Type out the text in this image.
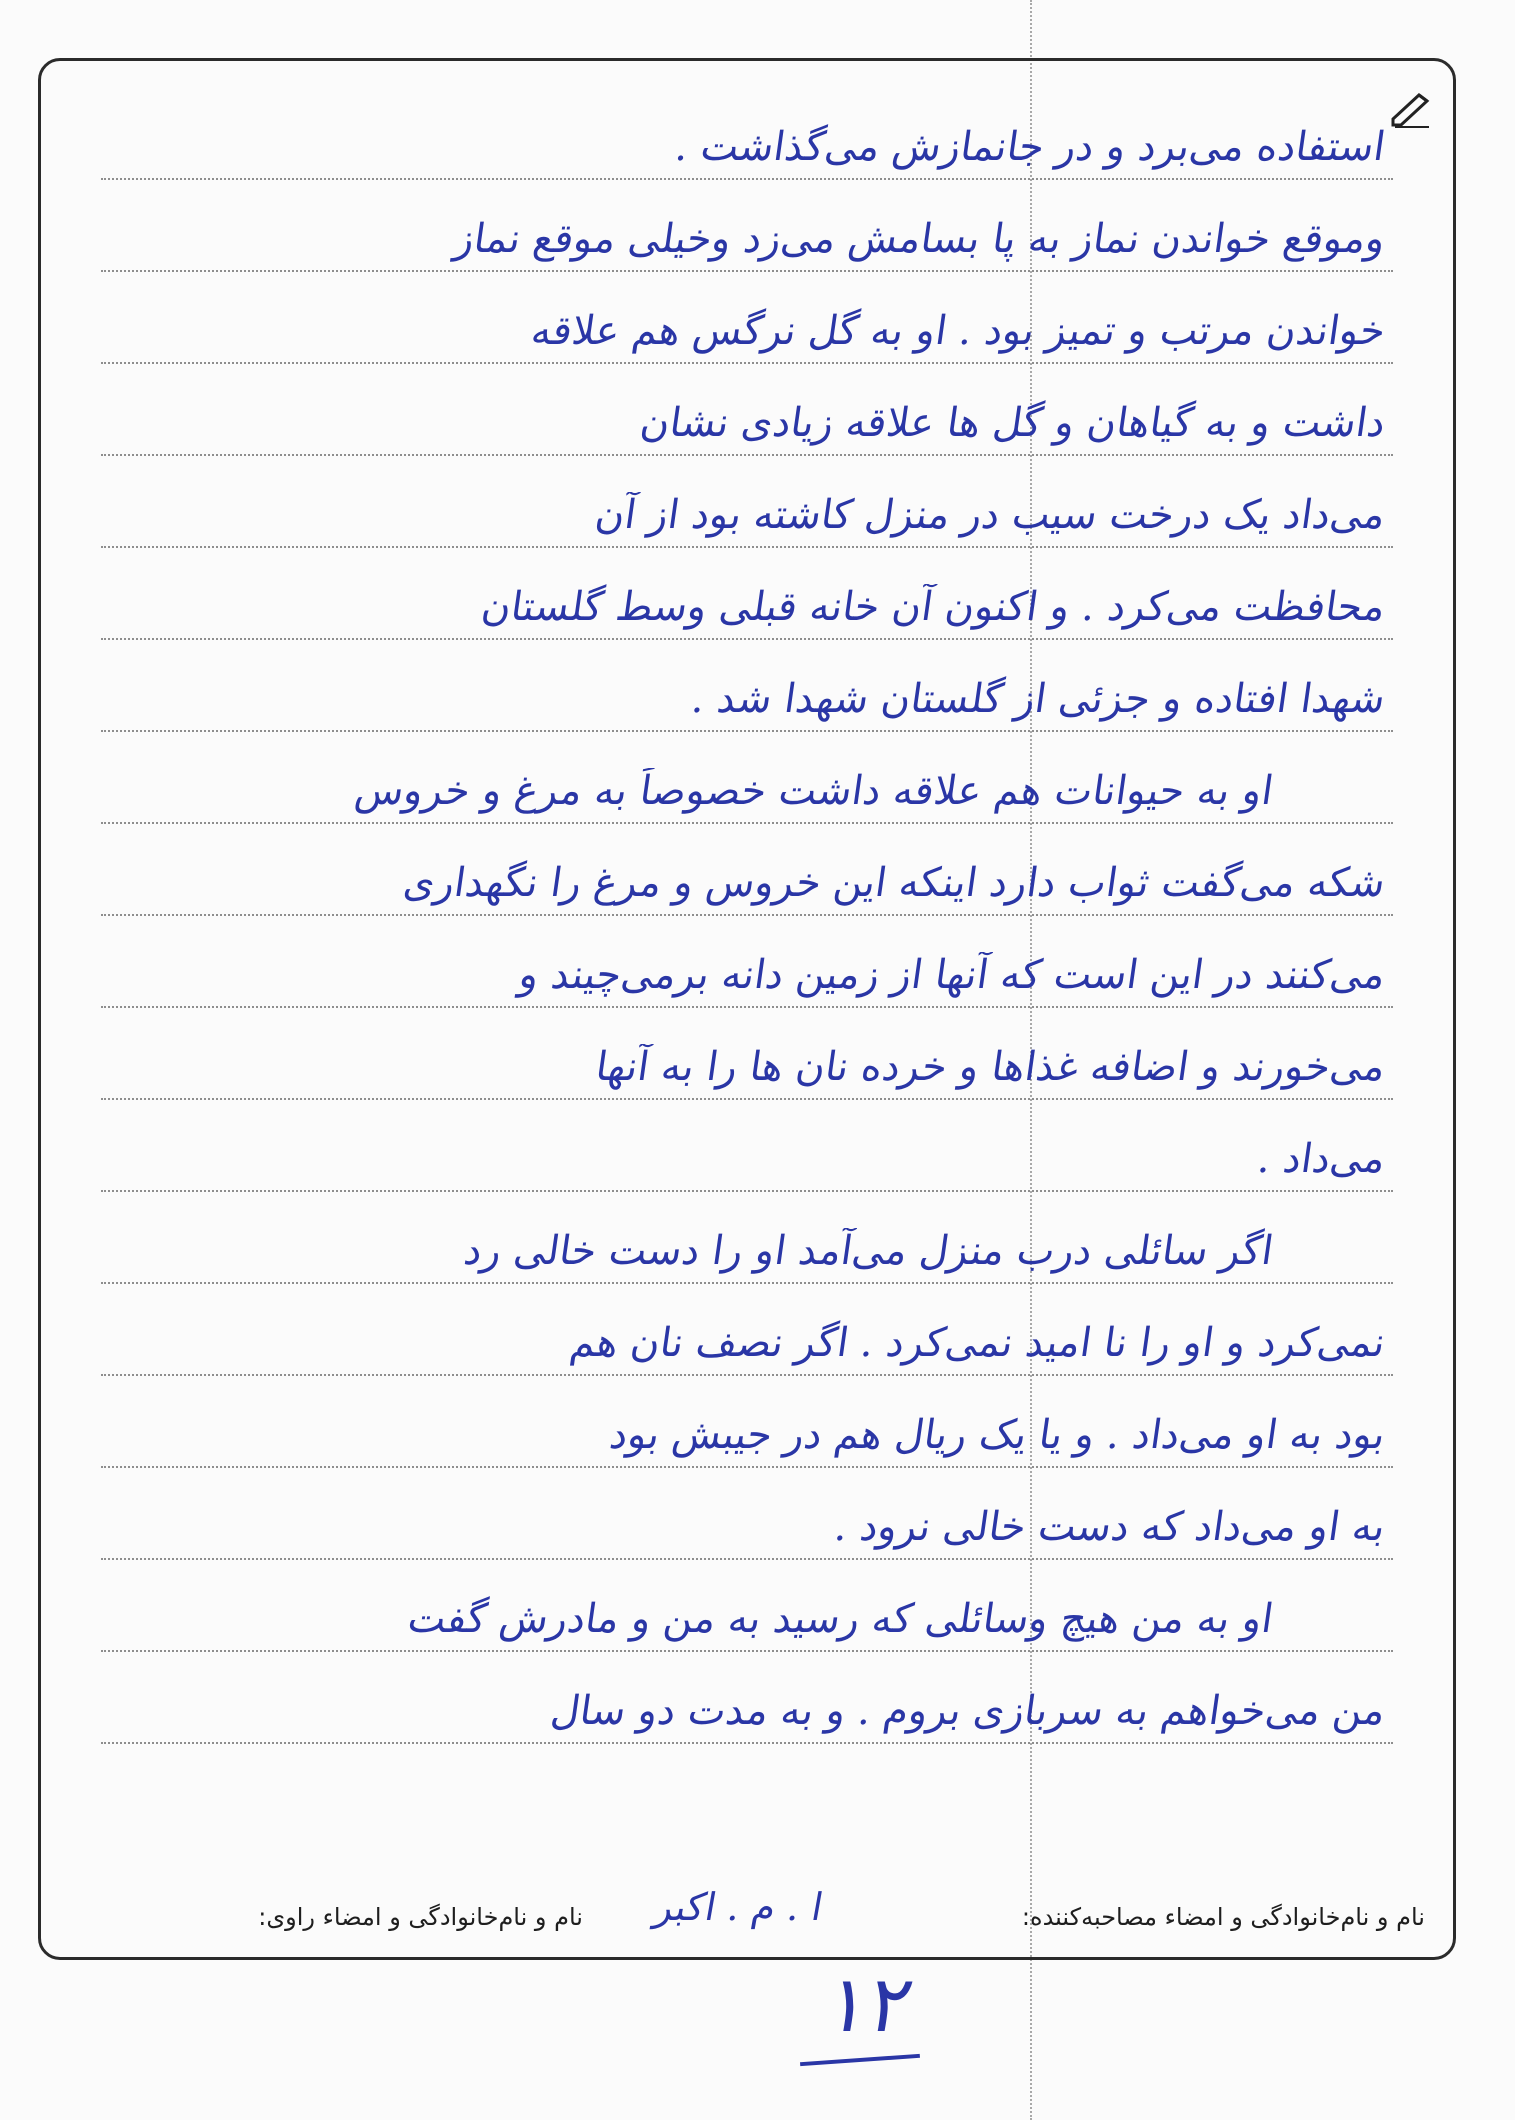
استفاده می‌برد و در جانمازش می‌گذاشت .
وموقع خواندن نماز به پا بسامش می‌زد وخیلی موقع نماز
خواندن مرتب و تمیز بود . او به گل نرگس هم علاقه
داشت و به گیاهان و گل ها علاقه زیادی نشان
می‌داد یک درخت سیب در منزل کاشته بود از آن
محافظت می‌کرد . و اکنون آن خانه قبلی وسط گلستان
شهدا افتاده و جزئی از گلستان شهدا شد .
او به حیوانات هم علاقه داشت خصوصاً به مرغ و خروس
شکه می‌گفت ثواب دارد اینکه این خروس و مرغ را نگهداری
می‌کنند در این است که آنها از زمین دانه برمی‌چیند و
می‌خورند و اضافه غذاها و خرده نان ها را به آنها
می‌داد .
اگر سائلی درب منزل می‌آمد او را دست خالی رد
نمی‌کرد و او را نا امید نمی‌کرد . اگر نصف نان هم
بود به او می‌داد . و یا یک ریال هم در جیبش بود
به او می‌داد که دست خالی نرود .
او به من هیچ وسائلی که رسید به من و مادرش گفت
من می‌خواهم به سربازی بروم . و به مدت دو سال
نام و نام‌خانوادگی و امضاء مصاحبه‌کننده:
ا . م . اکبر
نام و نام‌خانوادگی و امضاء راوی:
۱۲
